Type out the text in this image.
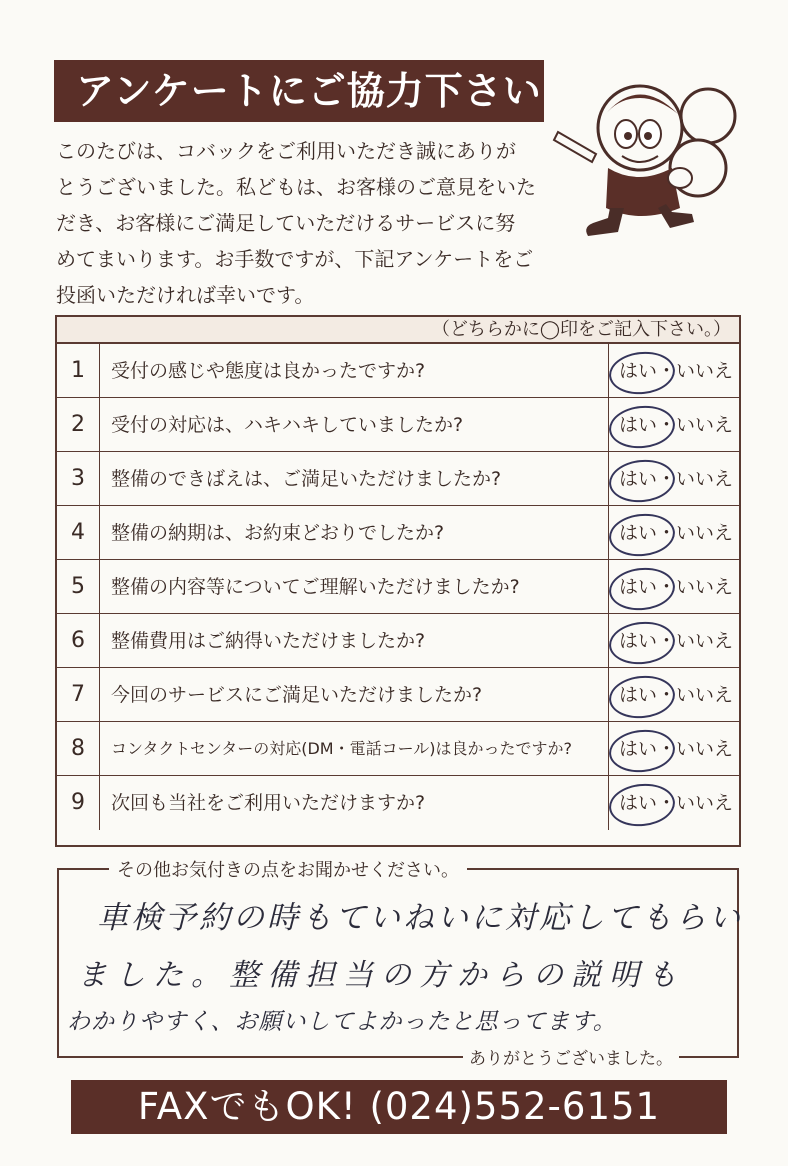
アンケートにご協力下さい
このたびは、コバックをご利用いただき誠にありが
とうございました。私どもは、お客様のご意見をいた
だき、お客様にご満足していただけるサービスに努
めてまいります。お手数ですが、下記アンケートをご
投函いただければ幸いです。
（どちらかに◯印をご記入下さい。）
1	受付の感じや態度は良かったですか?	はい・いいえ
2	受付の対応は、ハキハキしていましたか?	はい・いいえ
3	整備のできばえは、ご満足いただけましたか?	はい・いいえ
4	整備の納期は、お約束どおりでしたか?	はい・いいえ
5	整備の内容等についてご理解いただけましたか?	はい・いいえ
6	整備費用はご納得いただけましたか?	はい・いいえ
7	今回のサービスにご満足いただけましたか?	はい・いいえ
8	コンタクトセンターの対応(DM・電話コール)は良かったですか?	はい・いいえ
9	次回も当社をご利用いただけますか?	はい・いいえ
その他お気付きの点をお聞かせください。
車検予約の時もていねいに対応してもらい
ました。整備担当の方からの説明も
わかりやすく、お願いしてよかったと思ってます。
ありがとうございました。
FAXでもOK! (024)552-6151
